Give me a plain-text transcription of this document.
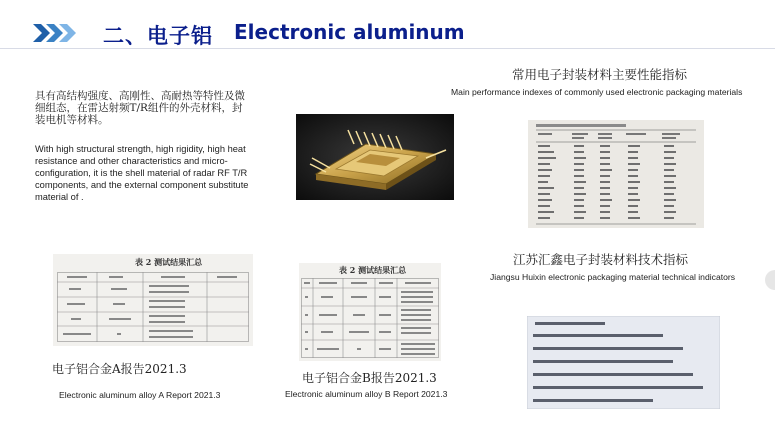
二、电子铝 Electronic aluminum
具有高结构强度、高刚性、高耐热等特性及微细组态，在雷达射频T/R组件的外壳材料，封装电机等材料。
With high structural strength, high rigidity, high heat resistance and other characteristics and micro-configuration, it is the shell material of radar RF T/R components, and the external component substitute material of .
常用电子封装材料主要性能指标
Main performance indexes of commonly used electronic packaging materials
江苏汇鑫电子封装材料技术指标
Jiangsu Huixin electronic packaging material technical indicators
表 2 测试结果汇总
电子铝合金A报告2021.3
Electronic aluminum alloy A Report 2021.3
表 2 测试结果汇总
电子铝合金B报告2021.3
Electronic aluminum alloy B Report 2021.3
